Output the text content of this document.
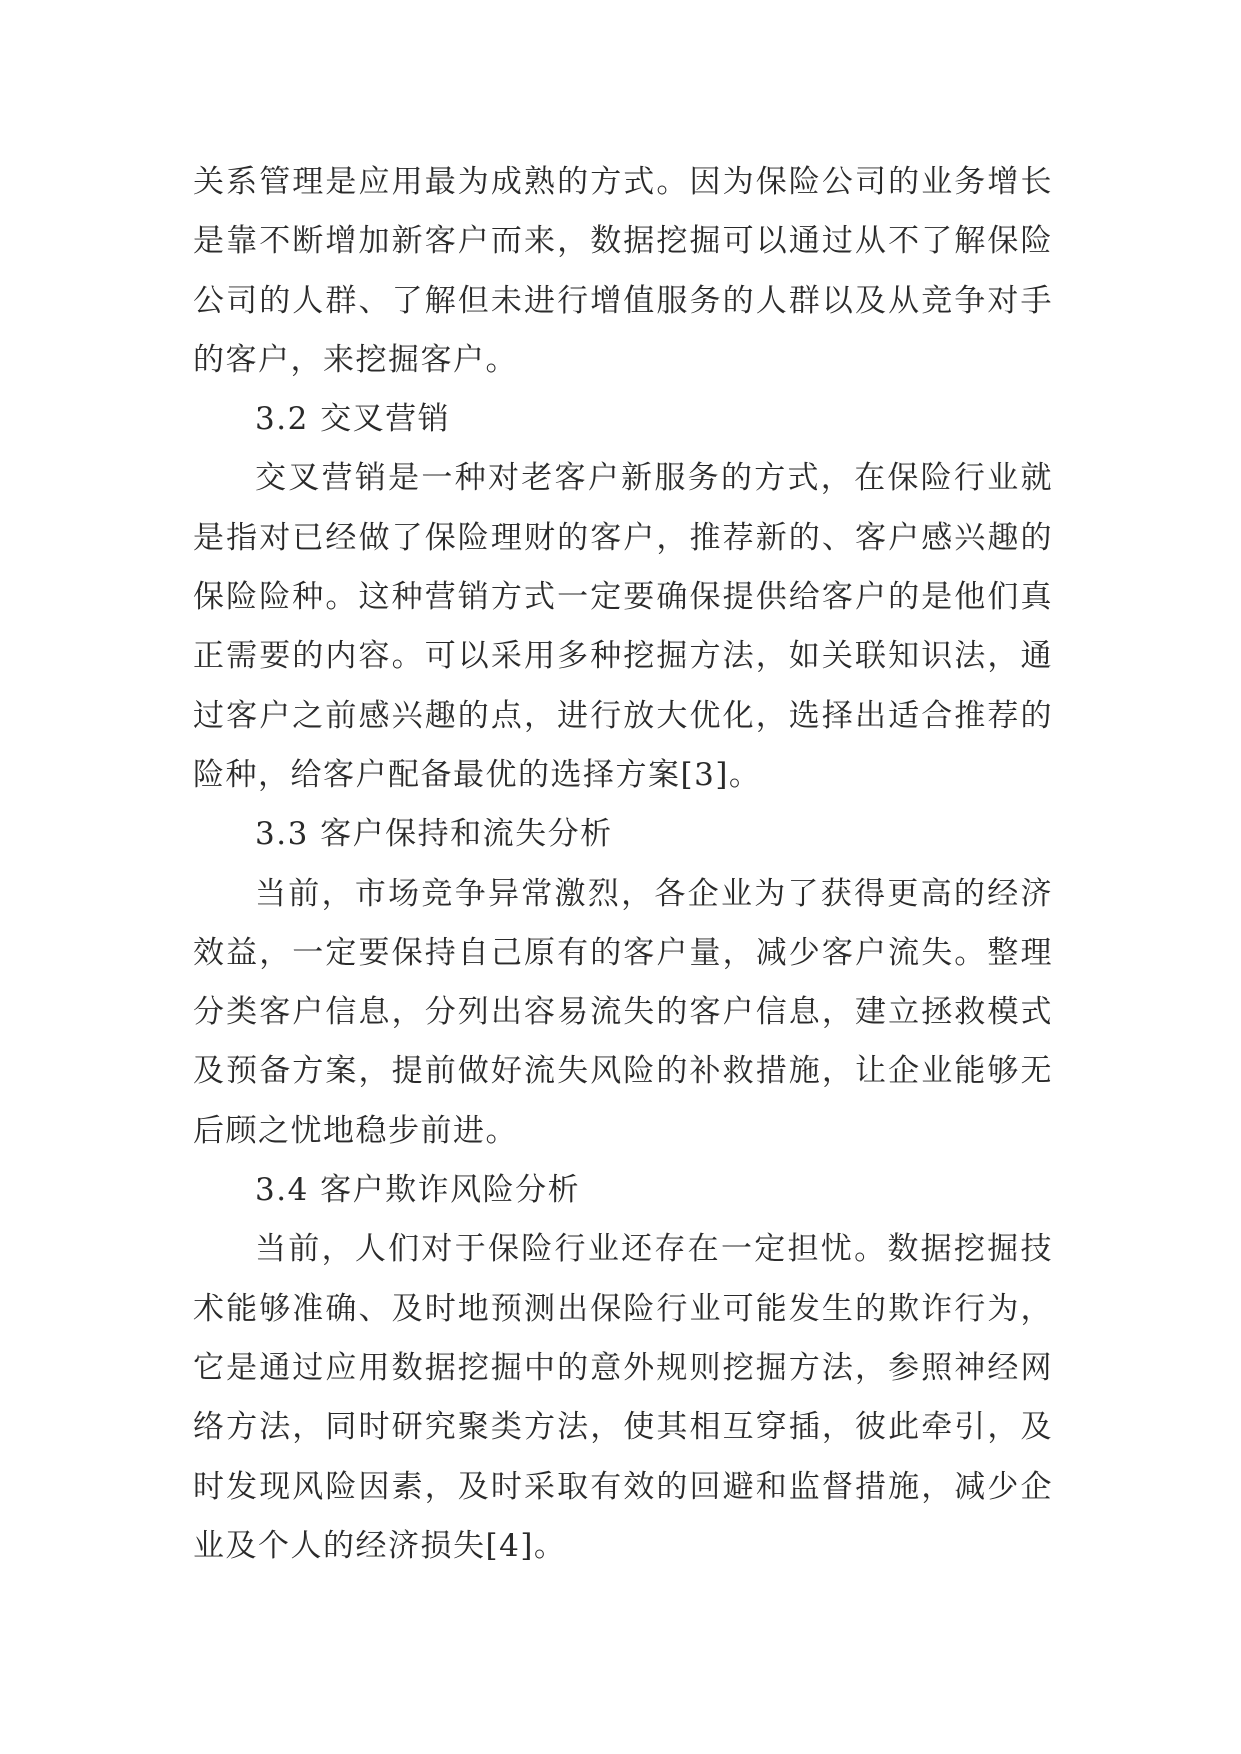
关系管理是应用最为成熟的方式。因为保险公司的业务增长是靠不断增加新客户而来，数据挖掘可以通过从不了解保险公司的人群、了解但未进行增值服务的人群以及从竞争对手的客户，来挖掘客户。

3.2 交叉营销

交叉营销是一种对老客户新服务的方式，在保险行业就是指对已经做了保险理财的客户，推荐新的、客户感兴趣的保险险种。这种营销方式一定要确保提供给客户的是他们真正需要的内容。可以采用多种挖掘方法，如关联知识法，通过客户之前感兴趣的点，进行放大优化，选择出适合推荐的险种，给客户配备最优的选择方案[3]。

3.3 客户保持和流失分析

当前，市场竞争异常激烈，各企业为了获得更高的经济效益，一定要保持自己原有的客户量，减少客户流失。整理分类客户信息，分列出容易流失的客户信息，建立拯救模式及预备方案，提前做好流失风险的补救措施，让企业能够无后顾之忧地稳步前进。

3.4 客户欺诈风险分析

当前，人们对于保险行业还存在一定担忧。数据挖掘技术能够准确、及时地预测出保险行业可能发生的欺诈行为，它是通过应用数据挖掘中的意外规则挖掘方法，参照神经网络方法，同时研究聚类方法，使其相互穿插，彼此牵引，及时发现风险因素，及时采取有效的回避和监督措施，减少企业及个人的经济损失[4]。
